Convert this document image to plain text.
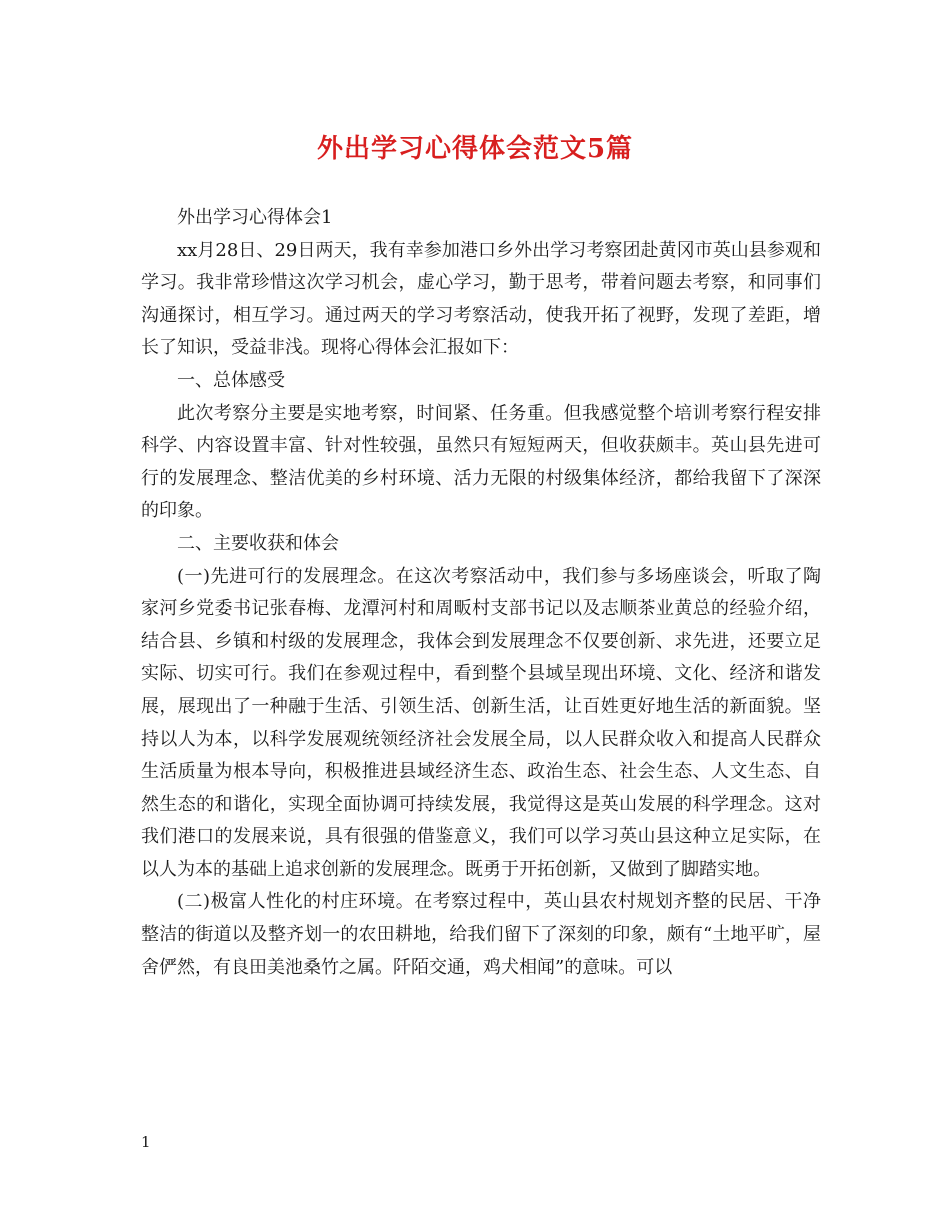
外出学习心得体会范文5篇

外出学习心得体会1

xx月28日、29日两天，我有幸参加港口乡外出学习考察团赴黄冈市英山县参观和学习。我非常珍惜这次学习机会，虚心学习，勤于思考，带着问题去考察，和同事们沟通探讨，相互学习。通过两天的学习考察活动，使我开拓了视野，发现了差距，增长了知识，受益非浅。现将心得体会汇报如下：

一、总体感受

此次考察分主要是实地考察，时间紧、任务重。但我感觉整个培训考察行程安排科学、内容设置丰富、针对性较强，虽然只有短短两天，但收获颇丰。英山县先进可行的发展理念、整洁优美的乡村环境、活力无限的村级集体经济，都给我留下了深深的印象。

二、主要收获和体会

(一)先进可行的发展理念。在这次考察活动中，我们参与多场座谈会，听取了陶家河乡党委书记张春梅、龙潭河村和周畈村支部书记以及志顺茶业黄总的经验介绍，结合县、乡镇和村级的发展理念，我体会到发展理念不仅要创新、求先进，还要立足实际、切实可行。我们在参观过程中，看到整个县域呈现出环境、文化、经济和谐发展，展现出了一种融于生活、引领生活、创新生活，让百姓更好地生活的新面貌。坚持以人为本，以科学发展观统领经济社会发展全局，以人民群众收入和提高人民群众生活质量为根本导向，积极推进县域经济生态、政治生态、社会生态、人文生态、自然生态的和谐化，实现全面协调可持续发展，我觉得这是英山发展的科学理念。这对我们港口的发展来说，具有很强的借鉴意义，我们可以学习英山县这种立足实际，在以人为本的基础上追求创新的发展理念。既勇于开拓创新，又做到了脚踏实地。

(二)极富人性化的村庄环境。在考察过程中，英山县农村规划齐整的民居、干净整洁的街道以及整齐划一的农田耕地，给我们留下了深刻的印象，颇有“土地平旷，屋舍俨然，有良田美池桑竹之属。阡陌交通，鸡犬相闻”的意味。可以

1
